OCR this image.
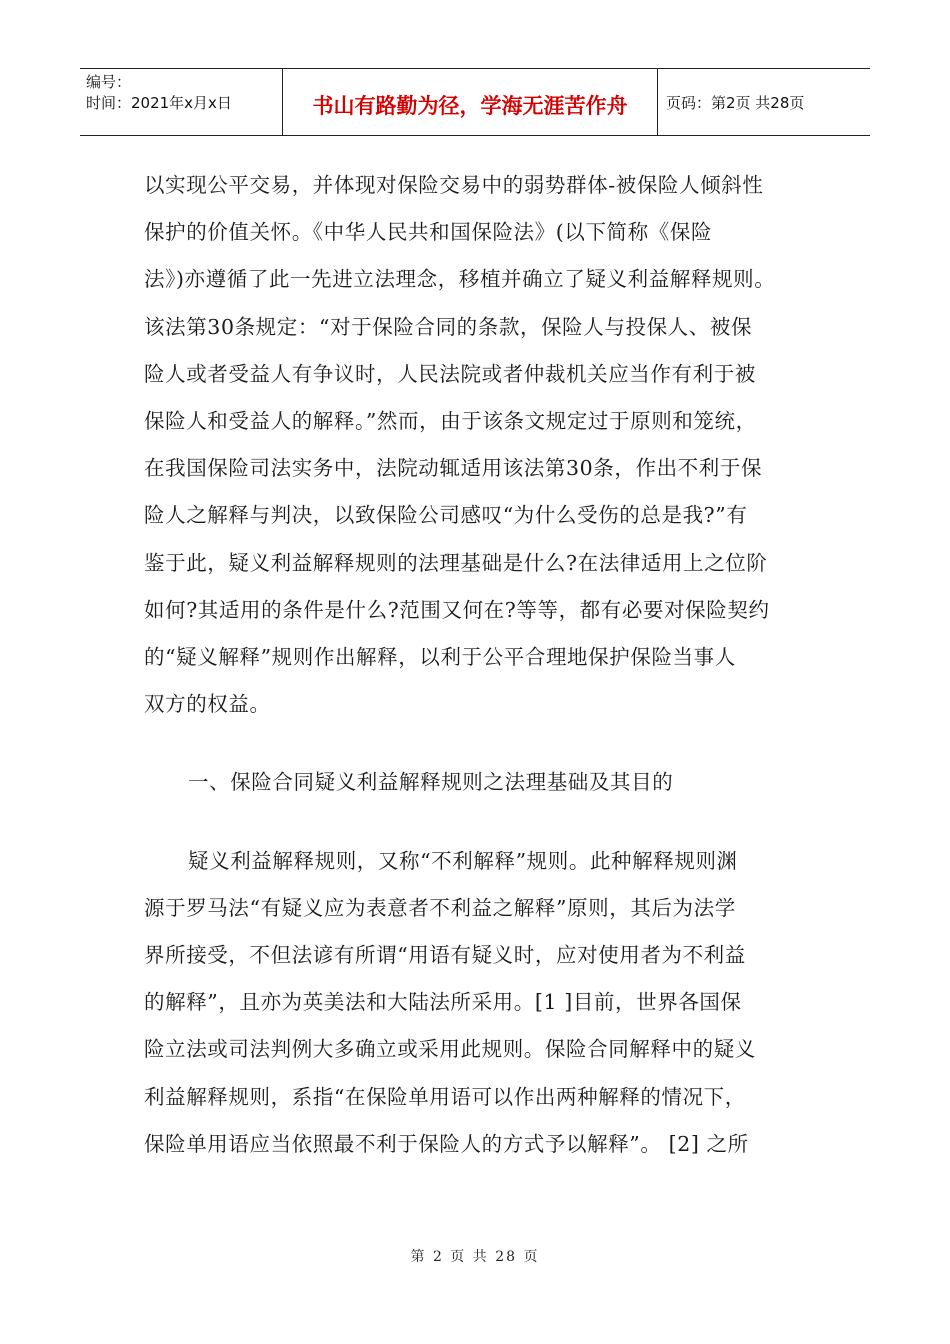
编号：
时间：2021年x月x日	书山有路勤为径，学海无涯苦作舟	页码：第2页 共28页

以实现公平交易，并体现对保险交易中的弱势群体-被保险人倾斜性
保护的价值关怀。《中华人民共和国保险法》(以下简称《保险
法》)亦遵循了此一先进立法理念，移植并确立了疑义利益解释规则。
该法第30条规定：“对于保险合同的条款，保险人与投保人、被保
险人或者受益人有争议时，人民法院或者仲裁机关应当作有利于被
保险人和受益人的解释。”然而，由于该条文规定过于原则和笼统，
在我国保险司法实务中，法院动辄适用该法第30条，作出不利于保
险人之解释与判决，以致保险公司感叹“为什么受伤的总是我?”有
鉴于此，疑义利益解释规则的法理基础是什么?在法律适用上之位阶
如何?其适用的条件是什么?范围又何在?等等，都有必要对保险契约
的“疑义解释”规则作出解释，以利于公平合理地保护保险当事人
双方的权益。

一、保险合同疑义利益解释规则之法理基础及其目的

疑义利益解释规则，又称“不利解释”规则。此种解释规则渊
源于罗马法“有疑义应为表意者不利益之解释”原则，其后为法学
界所接受，不但法谚有所谓“用语有疑义时，应对使用者为不利益
的解释”，且亦为英美法和大陆法所采用。[1 ]目前，世界各国保
险立法或司法判例大多确立或采用此规则。保险合同解释中的疑义
利益解释规则，系指“在保险单用语可以作出两种解释的情况下，
保险单用语应当依照最不利于保险人的方式予以解释”。 [2] 之所

第 2 页 共 28 页
